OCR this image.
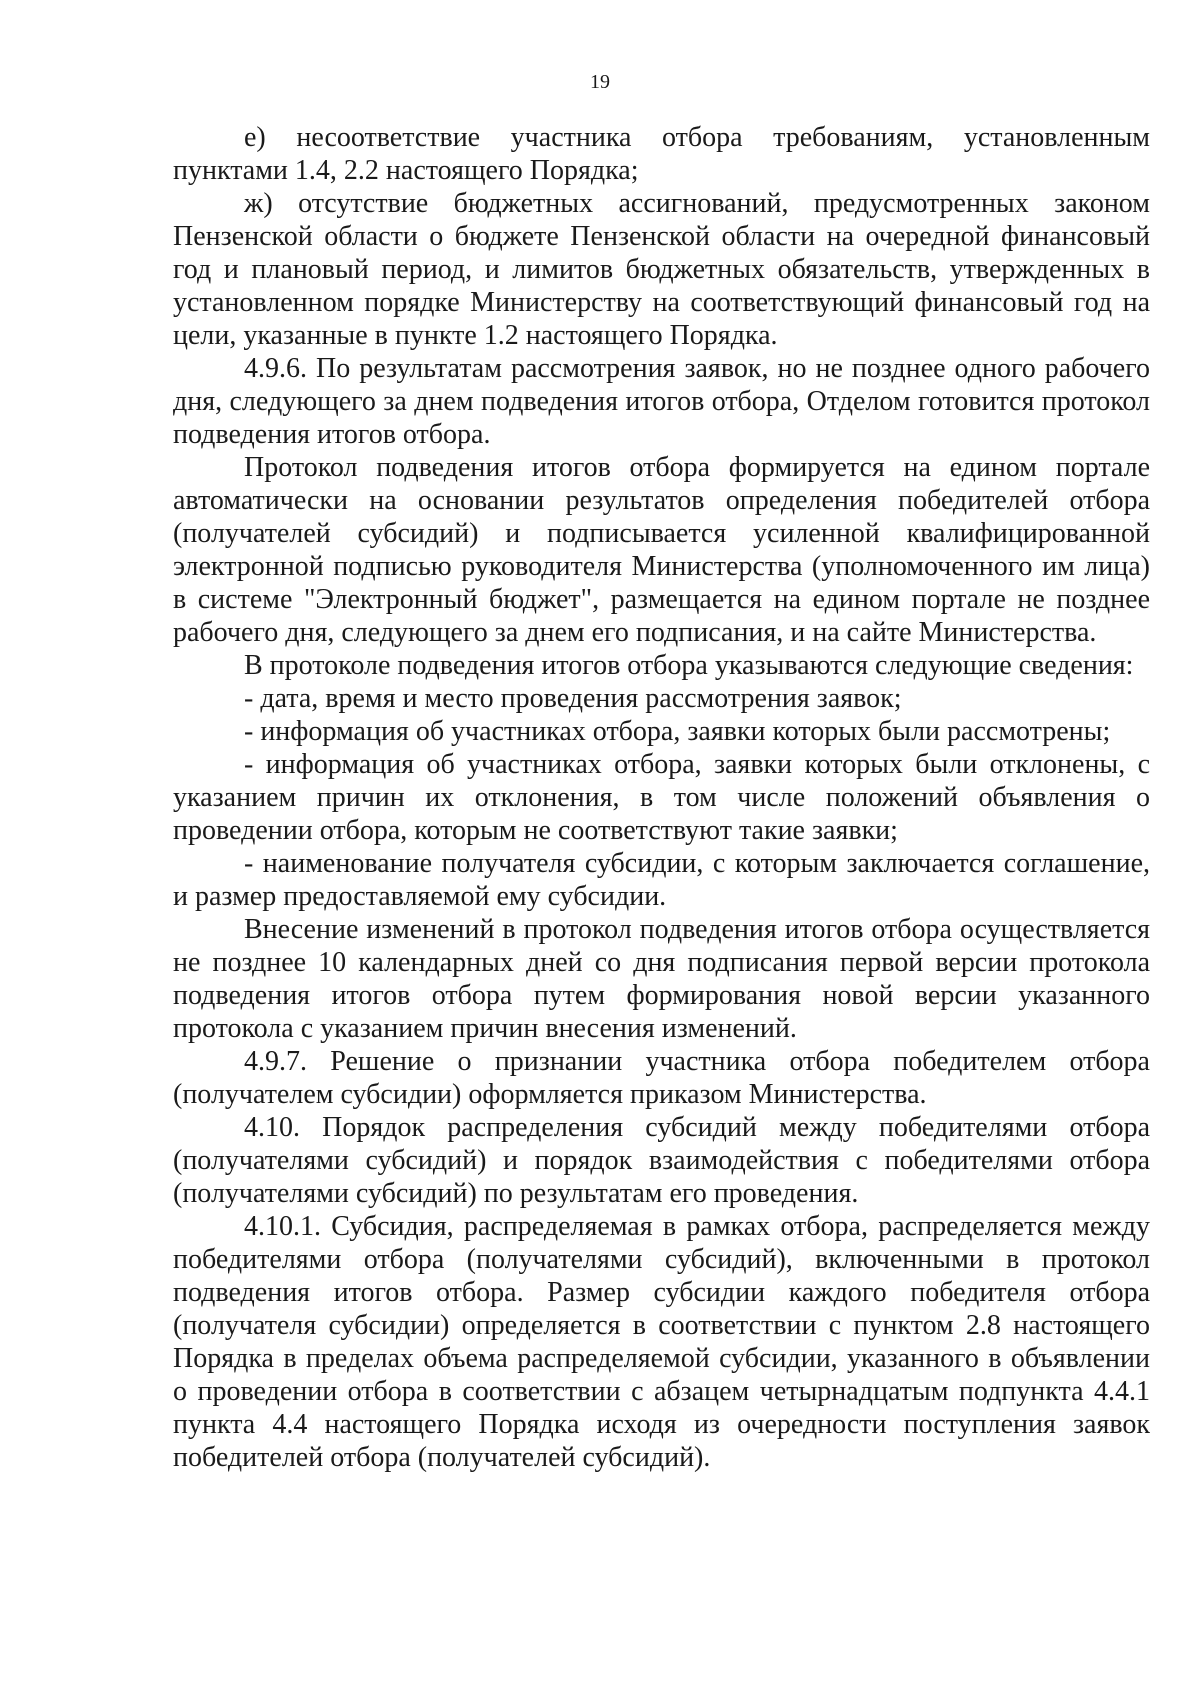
19

е) несоответствие участника отбора требованиям, установленным пунктами 1.4, 2.2 настоящего Порядка;

ж) отсутствие бюджетных ассигнований, предусмотренных законом Пензенской области о бюджете Пензенской области на очередной финансовый год и плановый период, и лимитов бюджетных обязательств, утвержденных в установленном порядке Министерству на соответствующий финансовый год на цели, указанные в пункте 1.2 настоящего Порядка.

4.9.6. По результатам рассмотрения заявок, но не позднее одного рабочего дня, следующего за днем подведения итогов отбора, Отделом готовится протокол подведения итогов отбора.

Протокол подведения итогов отбора формируется на едином портале автоматически на основании результатов определения победителей отбора (получателей субсидий) и подписывается усиленной квалифицированной электронной подписью руководителя Министерства (уполномоченного им лица) в системе "Электронный бюджет", размещается на едином портале не позднее рабочего дня, следующего за днем его подписания, и на сайте Министерства.

В протоколе подведения итогов отбора указываются следующие сведения:

- дата, время и место проведения рассмотрения заявок;

- информация об участниках отбора, заявки которых были рассмотрены;

- информация об участниках отбора, заявки которых были отклонены, с указанием причин их отклонения, в том числе положений объявления о проведении отбора, которым не соответствуют такие заявки;

- наименование получателя субсидии, с которым заключается соглашение, и размер предоставляемой ему субсидии.

Внесение изменений в протокол подведения итогов отбора осуществляется не позднее 10 календарных дней со дня подписания первой версии протокола подведения итогов отбора путем формирования новой версии указанного протокола с указанием причин внесения изменений.

4.9.7. Решение о признании участника отбора победителем отбора (получателем субсидии) оформляется приказом Министерства.

4.10. Порядок распределения субсидий между победителями отбора (получателями субсидий) и порядок взаимодействия с победителями отбора (получателями субсидий) по результатам его проведения.

4.10.1. Субсидия, распределяемая в рамках отбора, распределяется между победителями отбора (получателями субсидий), включенными в протокол подведения итогов отбора. Размер субсидии каждого победителя отбора (получателя субсидии) определяется в соответствии с пунктом 2.8 настоящего Порядка в пределах объема распределяемой субсидии, указанного в объявлении о проведении отбора в соответствии с абзацем четырнадцатым подпункта 4.4.1 пункта 4.4 настоящего Порядка исходя из очередности поступления заявок победителей отбора (получателей субсидий).
